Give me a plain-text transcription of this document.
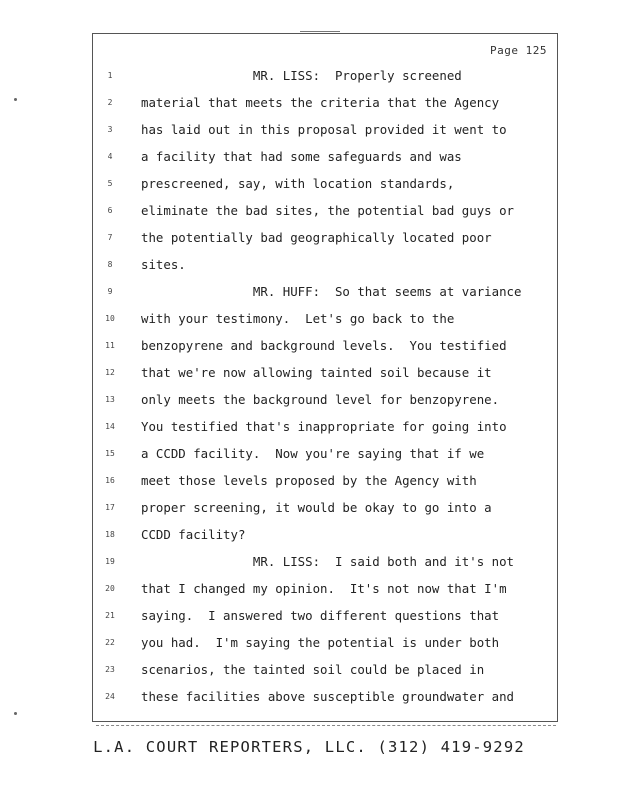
Page 125
1	MR. LISS:  Properly screened
2	material that meets the criteria that the Agency
3	has laid out in this proposal provided it went to
4	a facility that had some safeguards and was
5	prescreened, say, with location standards,
6	eliminate the bad sites, the potential bad guys or
7	the potentially bad geographically located poor
8	sites.
9	MR. HUFF:  So that seems at variance
10	with your testimony.  Let's go back to the
11	benzopyrene and background levels.  You testified
12	that we're now allowing tainted soil because it
13	only meets the background level for benzopyrene.
14	You testified that's inappropriate for going into
15	a CCDD facility.  Now you're saying that if we
16	meet those levels proposed by the Agency with
17	proper screening, it would be okay to go into a
18	CCDD facility?
19	MR. LISS:  I said both and it's not
20	that I changed my opinion.  It's not now that I'm
21	saying.  I answered two different questions that
22	you had.  I'm saying the potential is under both
23	scenarios, the tainted soil could be placed in
24	these facilities above susceptible groundwater and
L.A. COURT REPORTERS, LLC. (312) 419-9292
